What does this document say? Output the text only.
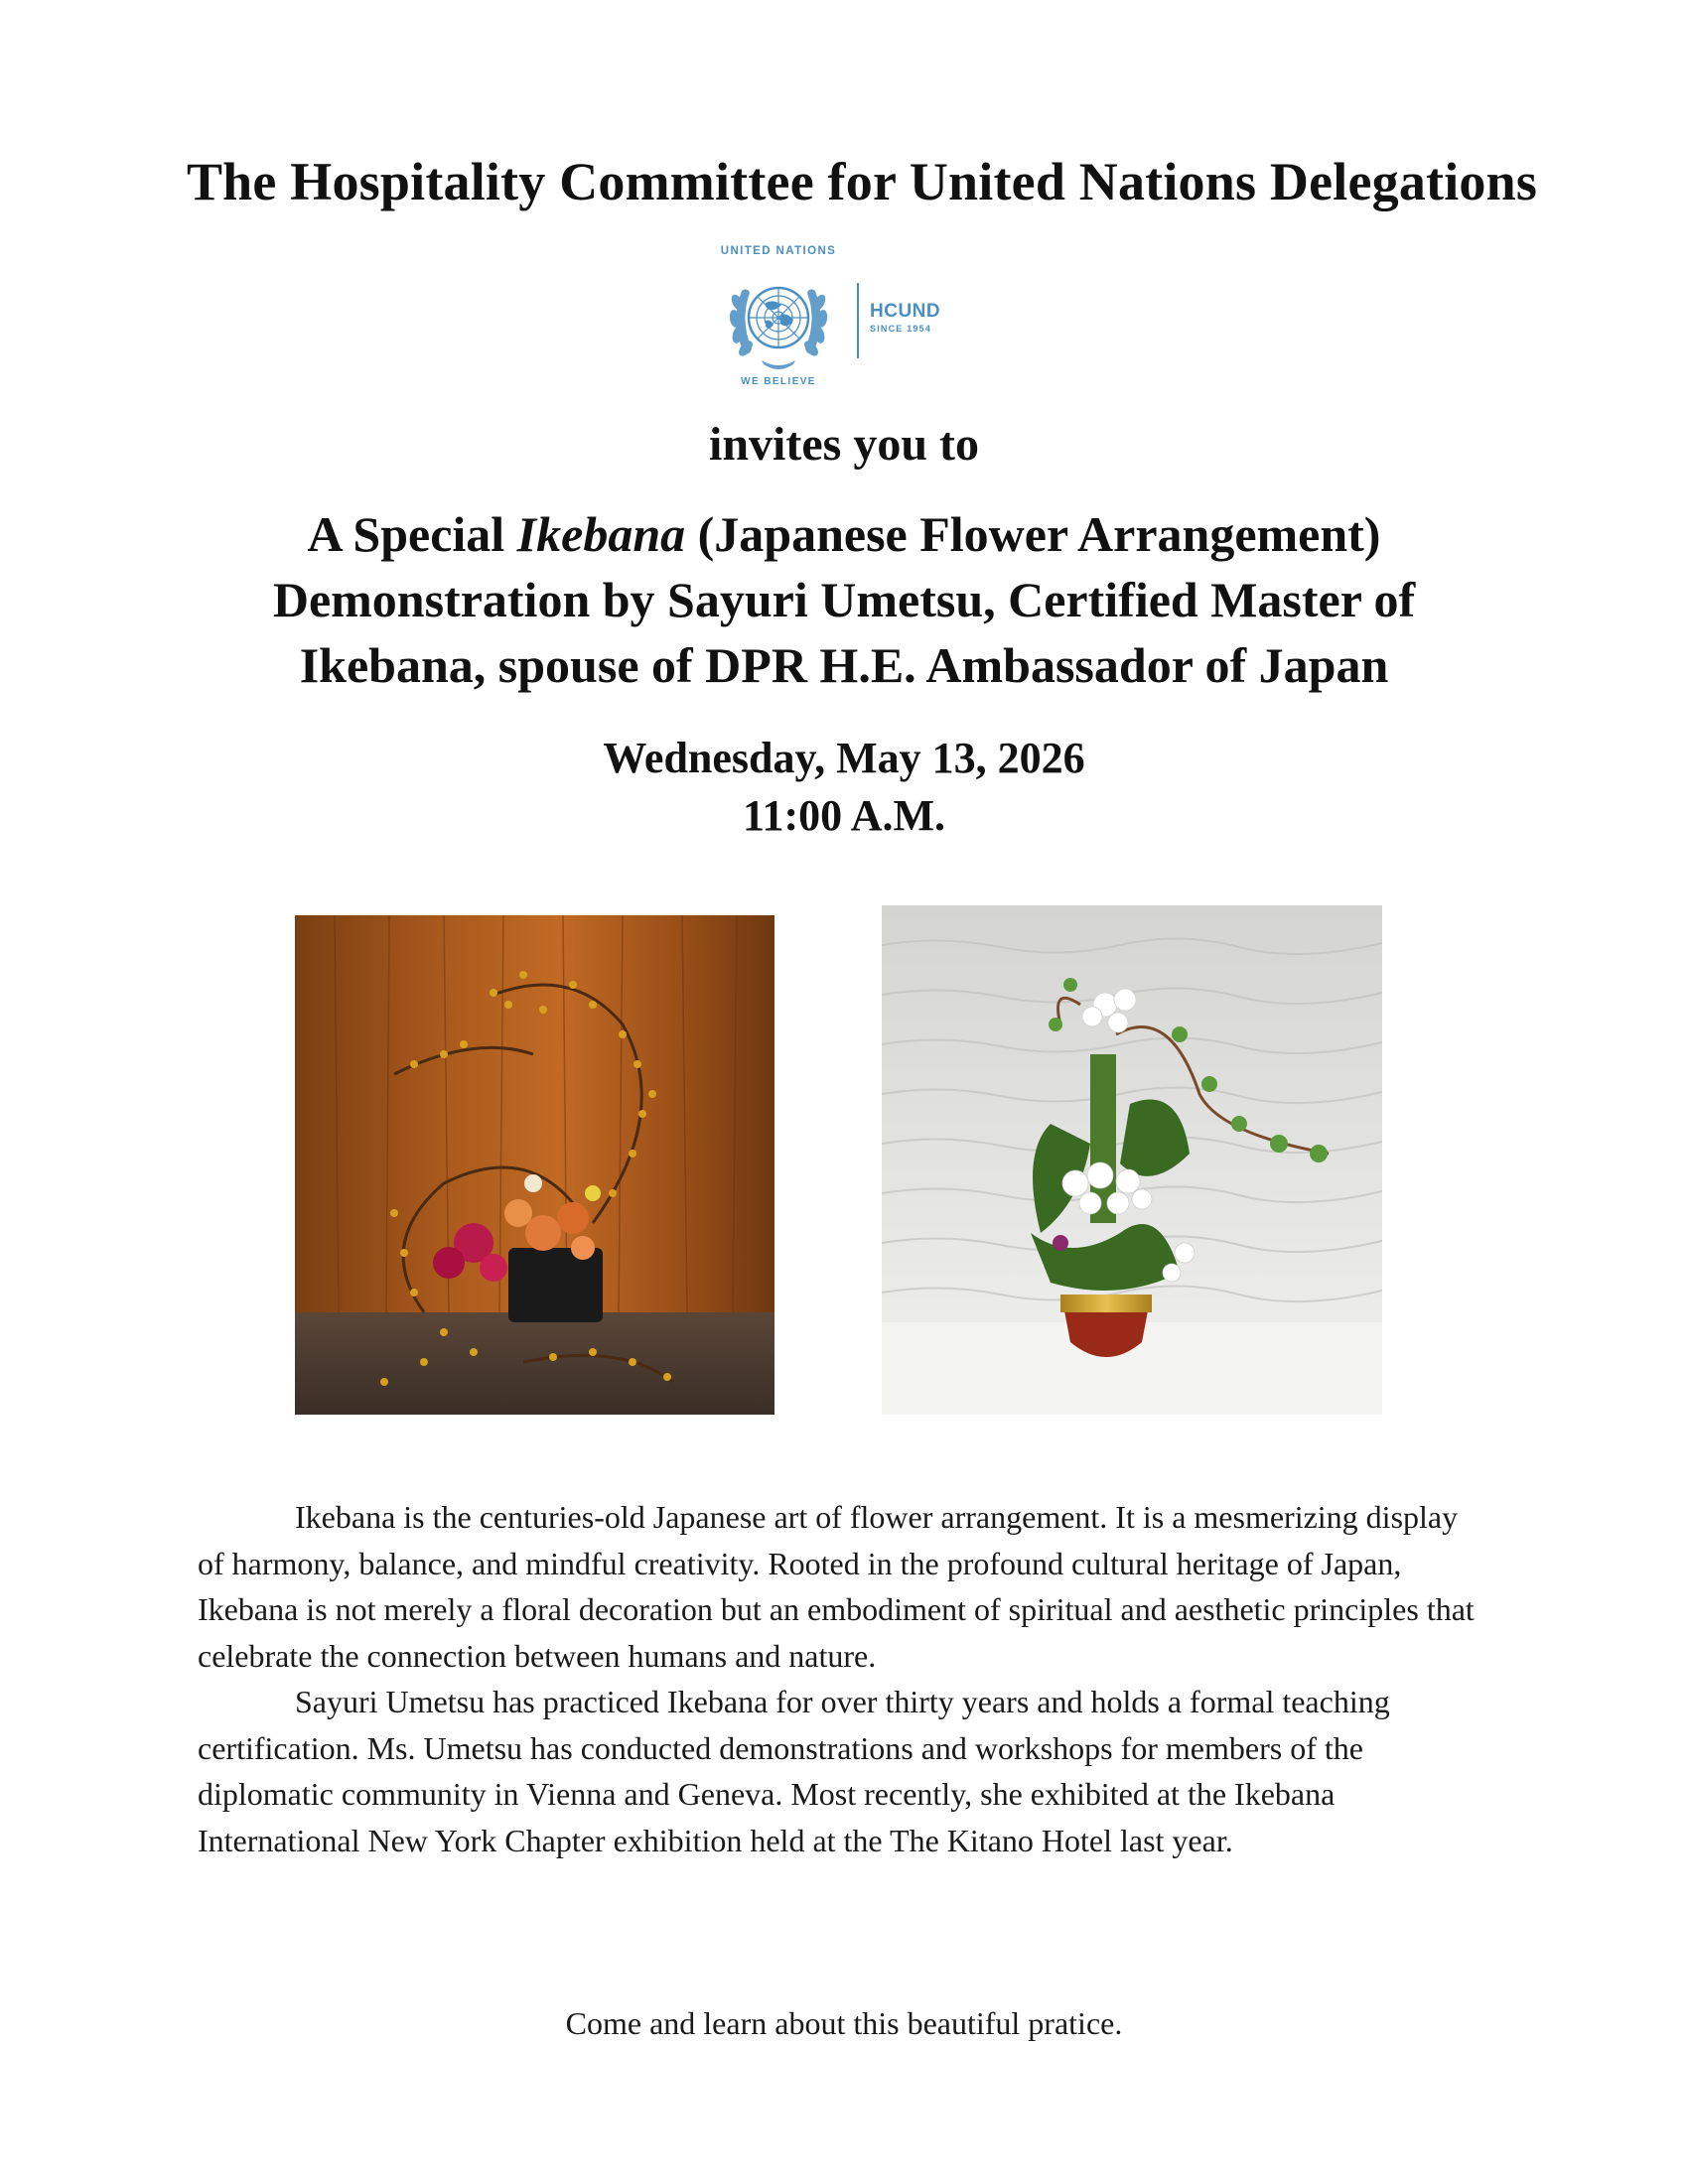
The Hospitality Committee for United Nations Delegations
UNITED NATIONS
WE BELIEVE
HCUND
SINCE 1954
invites you to
A Special Ikebana (Japanese Flower Arrangement)
Demonstration by Sayuri Umetsu, Certified Master of
Ikebana, spouse of DPR H.E. Ambassador of Japan
Wednesday, May 13, 2026
11:00 A.M.

Ikebana is the centuries-old Japanese art of flower arrangement. It is a mesmerizing display of harmony, balance, and mindful creativity. Rooted in the profound cultural heritage of Japan, Ikebana is not merely a floral decoration but an embodiment of spiritual and aesthetic principles that celebrate the connection between humans and nature.

Sayuri Umetsu has practiced Ikebana for over thirty years and holds a formal teaching certification. Ms. Umetsu has conducted demonstrations and workshops for members of the diplomatic community in Vienna and Geneva. Most recently, she exhibited at the Ikebana International New York Chapter exhibition held at the The Kitano Hotel last year.

Come and learn about this beautiful pratice.
